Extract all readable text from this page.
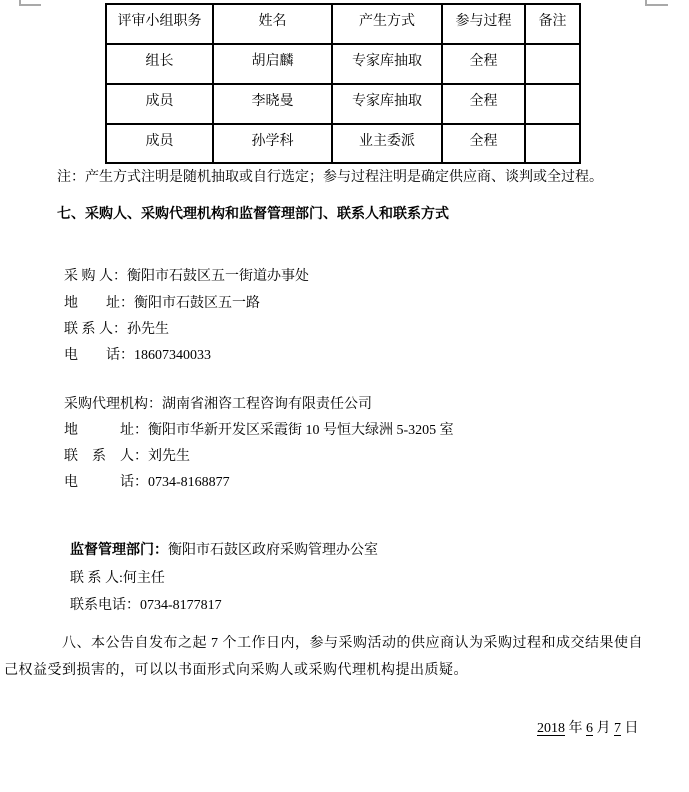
评审小组职务	姓名	产生方式	参与过程	备注
组长	胡启麟	专家库抽取	全程	
成员	李晓曼	专家库抽取	全程	
成员	孙学科	业主委派	全程	
注：产生方式注明是随机抽取或自行选定；参与过程注明是确定供应商、谈判或全过程。
七、采购人、采购代理机构和监督管理部门、联系人和联系方式

采 购 人：衡阳市石鼓区五一街道办事处

地　　址：衡阳市石鼓区五一路

联 系 人：孙先生

电　　话：18607340033

采购代理机构：湖南省湘咨工程咨询有限责任公司

地　　　址：衡阳市华新开发区采霞街 10 号恒大绿洲 5-3205 室

联　系　人：刘先生

电　　　话：0734-8168877

监督管理部门：衡阳市石鼓区政府采购管理办公室

联 系 人:何主任

联系电话：0734-8177817

八、本公告自发布之起 7 个工作日内，参与采购活动的供应商认为采购过程和成交结果使自
己权益受到损害的，可以以书面形式向采购人或采购代理机构提出质疑。

2018 年 6 月 7 日
